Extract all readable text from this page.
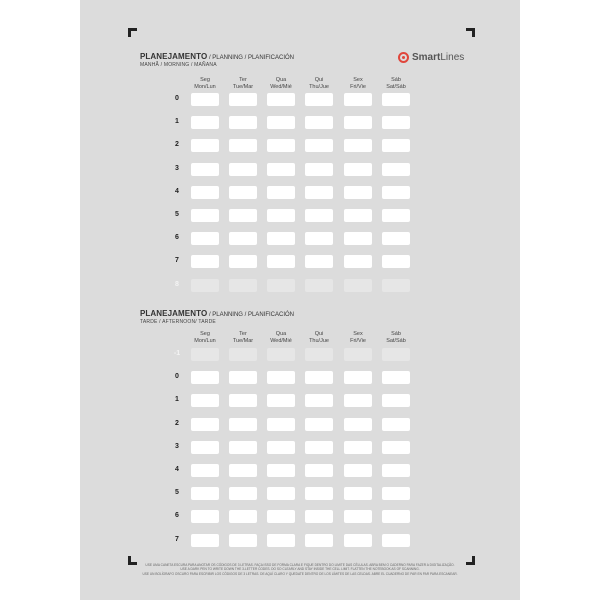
PLANEJAMENTO / PLANNING / PLANIFICACIÓN
MANHÃ / MORNING / MAÑANA
SmartLines
PLANEJAMENTO / PLANNING / PLANIFICACIÓN
TARDE / AFTERNOON/ TARDE
Seg
Mon/Lun
Ter
Tue/Mar
Qua
Wed/Mié
Qui
Thu/Jue
Sex
Fri/Vie
Sáb
Sat/Sáb
0
1
2
3
4
5
6
7
8
Seg
Mon/Lun
Ter
Tue/Mar
Qua
Wed/Mié
Qui
Thu/Jue
Sex
Fri/Vie
Sáb
Sat/Sáb
-1
0
1
2
3
4
5
6
7
USE UMA CANETA ESCURA PARA ANOTAR OS CÓDIGOS DE 3 LETRAS. FAÇA ISSO DE FORMA CLARA E FIQUE DENTRO DO LIMITE DAS CÉLULAS. ABRA BEM O CADERNO PARA FAZER A DIGITALIZAÇÃO.
USE A DARK PEN TO WRITE DOWN THE 3-LETTER CODES. DO SO CLEARLY AND STAY INSIDE THE CELL LIMIT. FLATTEN THE NOTEBOOK AS OF SCANNING.
USE UN BOLÍGRAFO OSCURO PARA ESCRIBIR LOS CÓDIGOS DE 3 LETRAS. DE AQUÍ CLARO Y QUEDATE DENTRO DE LOS LÍMITES DE LAS CELDAS. ABRE EL CUADERNO DE PAR EN PAR PARA ESCANEAR.
